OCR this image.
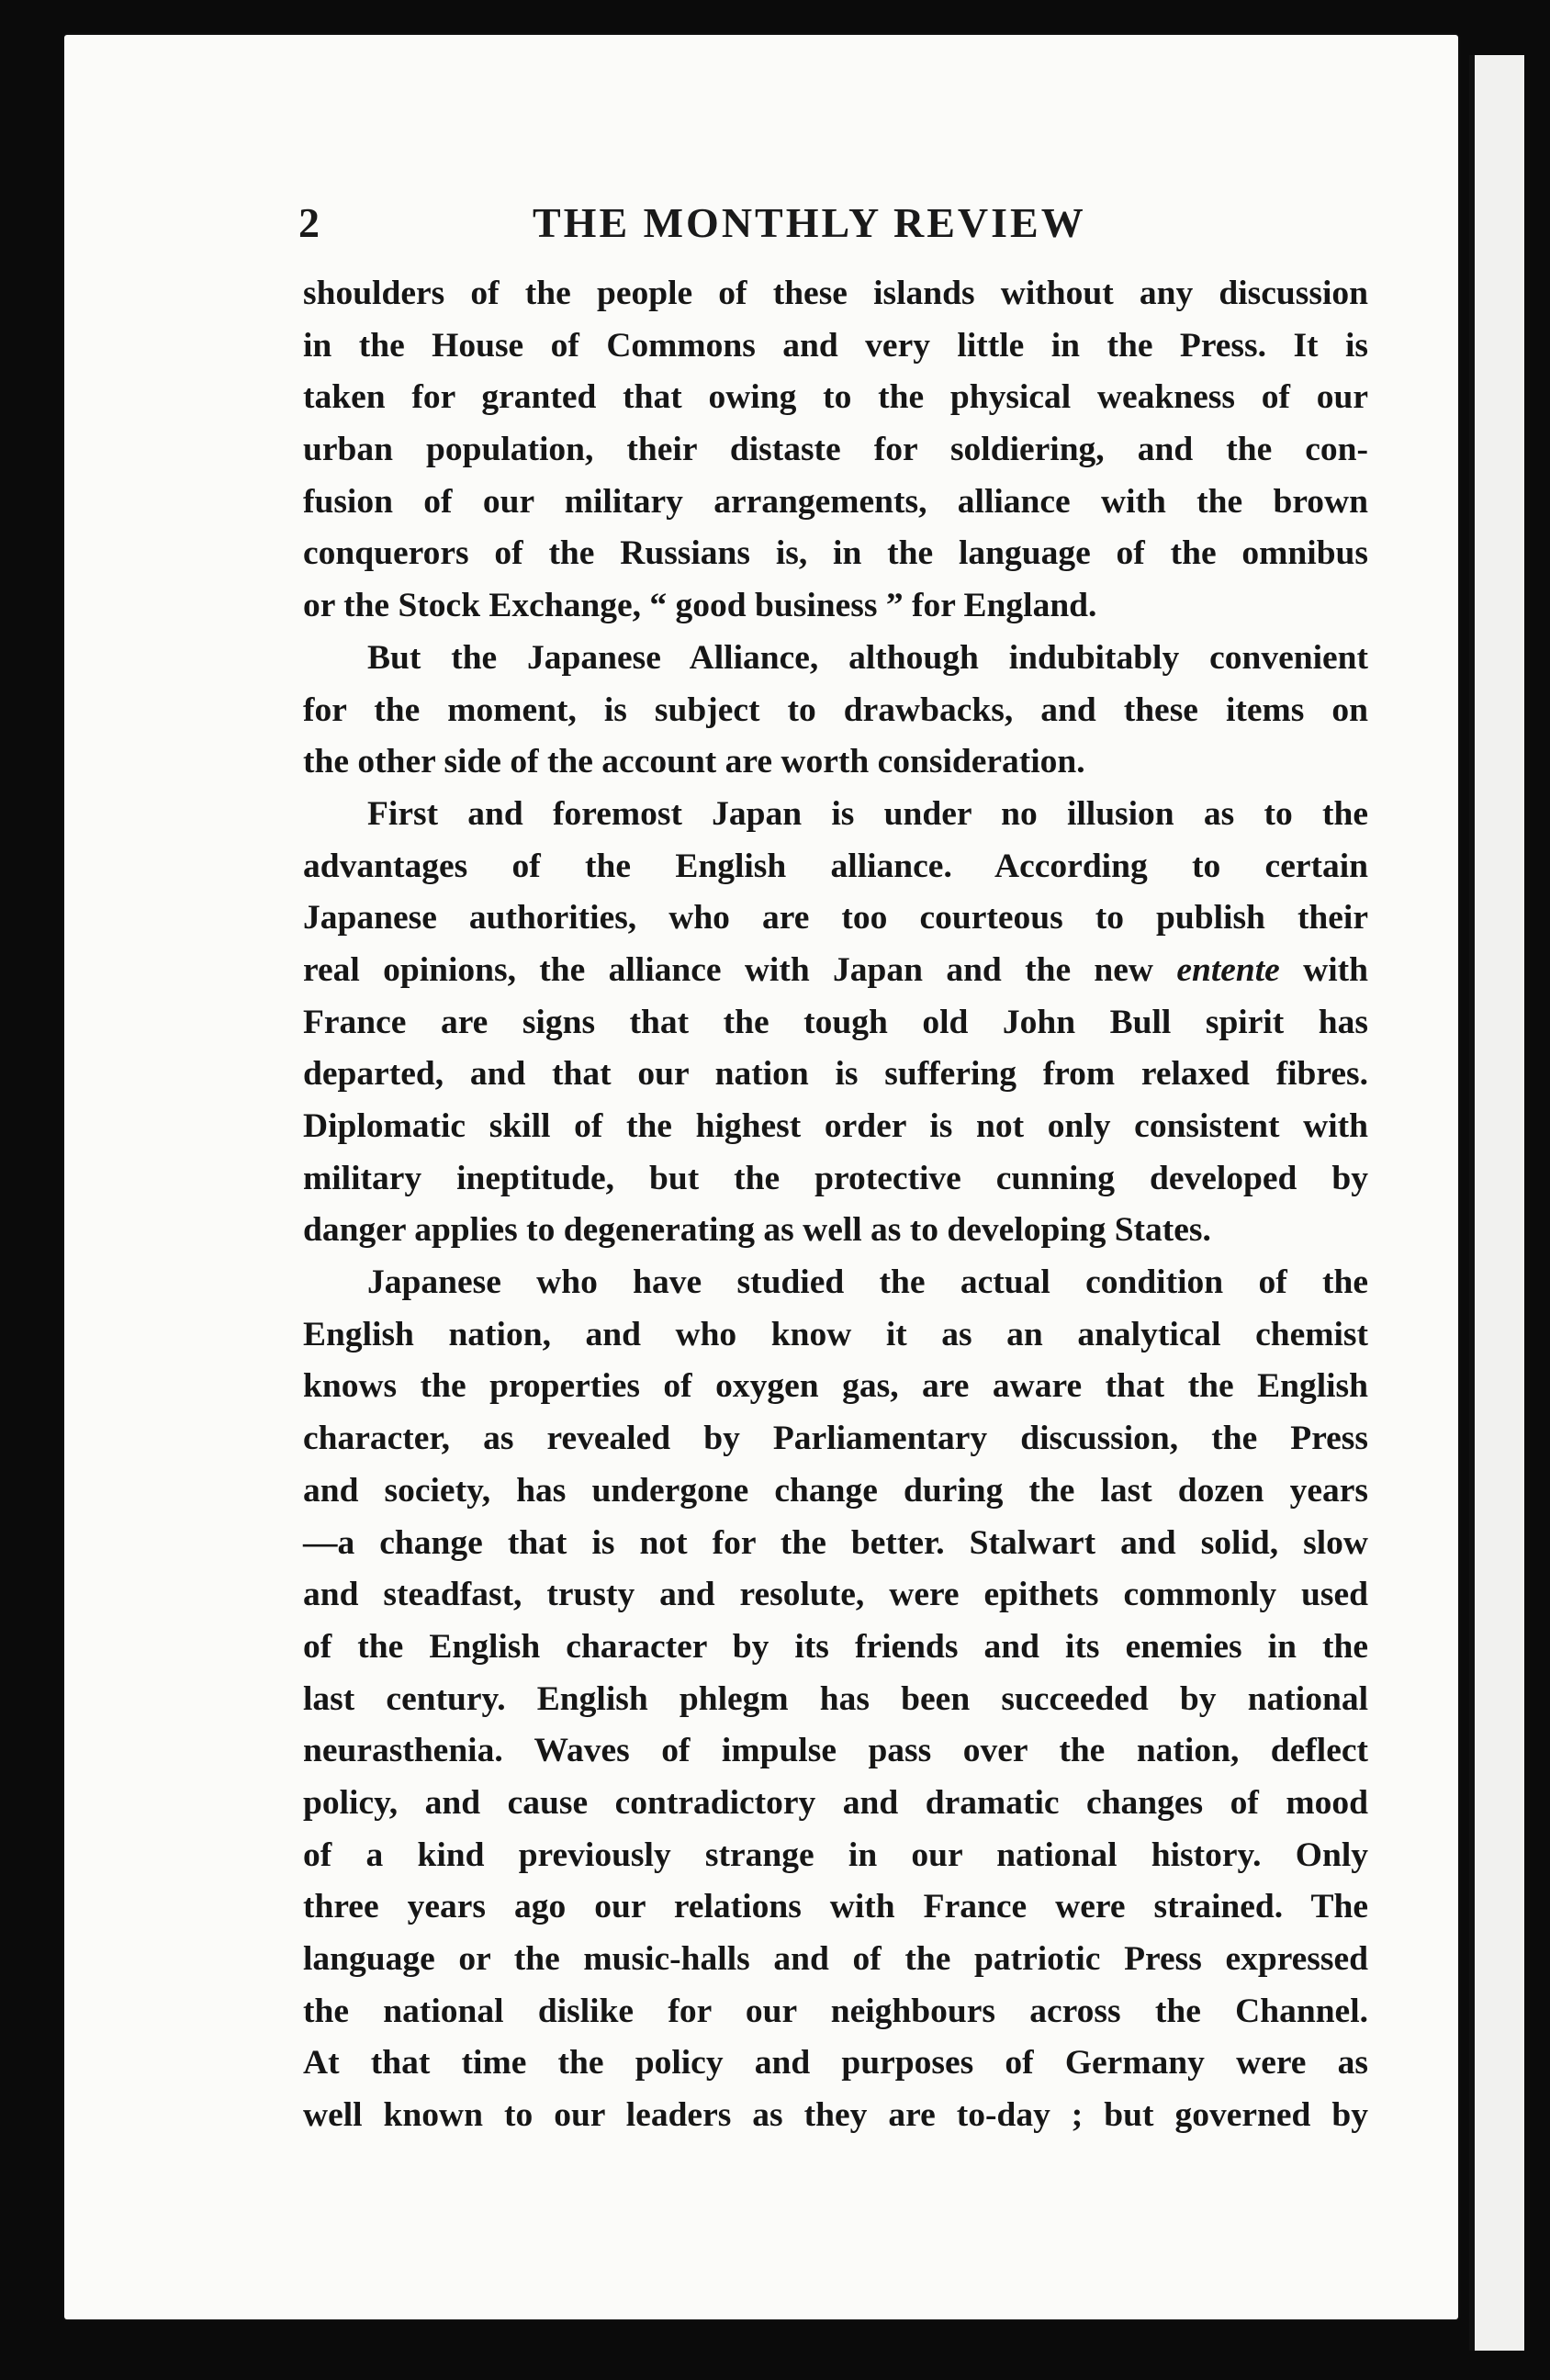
2	THE MONTHLY REVIEW
shoulders of the people of these islands without any discussion
in the House of Commons and very little in the Press. It is
taken for granted that owing to the physical weakness of our
urban population, their distaste for soldiering, and the con-
fusion of our military arrangements, alliance with the brown
conquerors of the Russians is, in the language of the omnibus
or the Stock Exchange, “ good business ” for England.
But the Japanese Alliance, although indubitably convenient
for the moment, is subject to drawbacks, and these items on
the other side of the account are worth consideration.
First and foremost Japan is under no illusion as to the
advantages of the English alliance. According to certain
Japanese authorities, who are too courteous to publish their
real opinions, the alliance with Japan and the new entente with
France are signs that the tough old John Bull spirit has
departed, and that our nation is suffering from relaxed fibres.
Diplomatic skill of the highest order is not only consistent with
military ineptitude, but the protective cunning developed by
danger applies to degenerating as well as to developing States.
Japanese who have studied the actual condition of the
English nation, and who know it as an analytical chemist
knows the properties of oxygen gas, are aware that the English
character, as revealed by Parliamentary discussion, the Press
and society, has undergone change during the last dozen years
—a change that is not for the better. Stalwart and solid, slow
and steadfast, trusty and resolute, were epithets commonly used
of the English character by its friends and its enemies in the
last century. English phlegm has been succeeded by national
neurasthenia. Waves of impulse pass over the nation, deflect
policy, and cause contradictory and dramatic changes of mood
of a kind previously strange in our national history. Only
three years ago our relations with France were strained. The
language or the music-halls and of the patriotic Press expressed
the national dislike for our neighbours across the Channel.
At that time the policy and purposes of Germany were as
well known to our leaders as they are to-day ; but governed by
